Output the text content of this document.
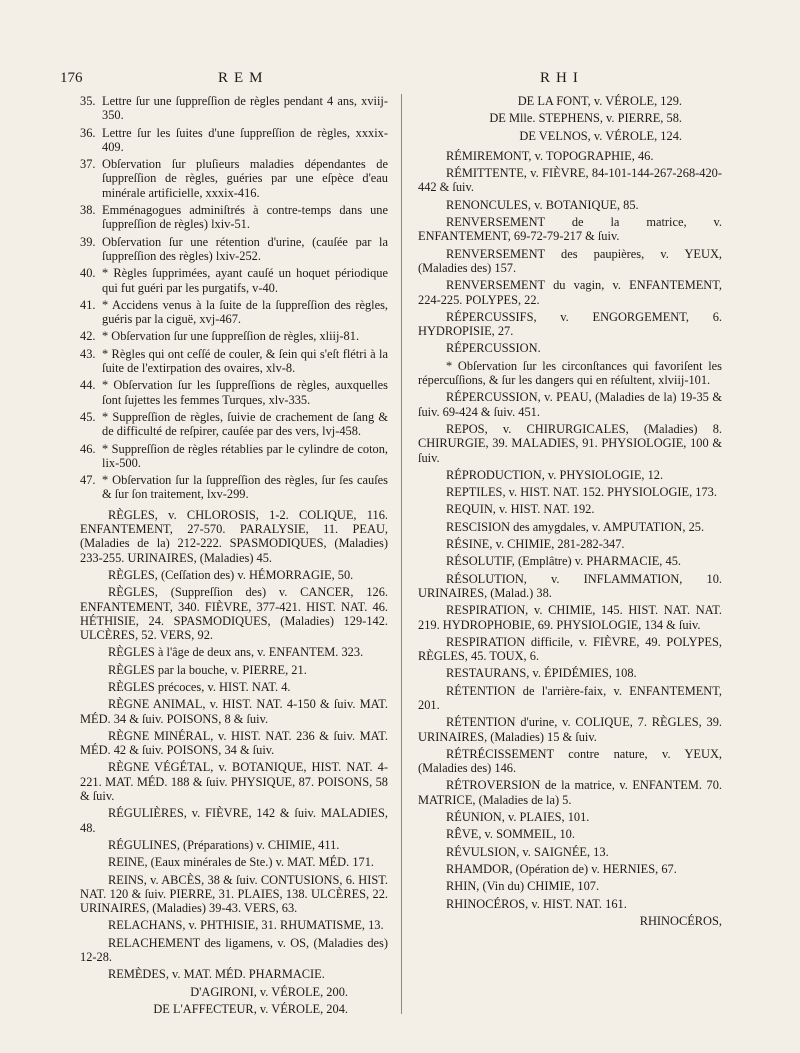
176	REM	RHI
35. Lettre ſur une ſuppreſſion de règles pendant 4 ans, xviij-350.
36. Lettre ſur les ſuites d'une ſuppreſſion de règles, xxxix-409.
37. Obſervation ſur pluſieurs maladies dépendantes de ſuppreſſion de règles, guéries par une eſpèce d'eau minérale artificielle, xxxix-416.
38. Emménagogues adminiſtrés à contre-temps dans une ſuppreſſion de règles) lxiv-51.
39. Obſervation ſur une rétention d'urine, (cauſée par la ſuppreſſion des règles) lxiv-252.
40. * Règles ſupprimées, ayant cauſé un hoquet périodique qui fut guéri par les purgatifs, v-40.
41. * Accidens venus à la ſuite de la ſuppreſſion des règles, guéris par la ciguë, xvj-467.
42. * Obſervation ſur une ſuppreſſion de règles, xliij-81.
43. * Règles qui ont ceſſé de couler, & ſein qui s'eſt flétri à la ſuite de l'extirpation des ovaires, xlv-8.
44. * Obſervation ſur les ſuppreſſions de règles, auxquelles ſont ſujettes les femmes Turques, xlv-335.
45. * Suppreſſion de règles, ſuivie de crachement de ſang & de difficulté de reſpirer, cauſée par des vers, lvj-458.
46. * Suppreſſion de règles rétablies par le cylindre de coton, lix-500.
47. * Obſervation ſur la ſuppreſſion des règles, ſur ſes cauſes & ſur ſon traitement, lxv-299.
RÈGLES, v. CHLOROSIS, 1-2. COLIQUE, 116. ENFANTEMENT, 27-570. PARALYSIE, 11. PEAU, (Maladies de la) 212-222. SPASMODIQUES, (Maladies) 233-255. URINAIRES, (Maladies) 45.
RÈGLES, (Ceſſation des) v. HÉMORRAGIE, 50.
RÈGLES, (Suppreſſion des) v. CANCER, 126. ENFANTEMENT, 340. FIÈVRE, 377-421. HIST. NAT. 46. HÉTHISIE, 24. SPASMODIQUES, (Maladies) 129-142. ULCÈRES, 52. VERS, 92.
RÈGLES à l'âge de deux ans, v. ENFANTEM. 323.
RÈGLES par la bouche, v. PIERRE, 21.
RÈGLES précoces, v. HIST. NAT. 4.
RÈGNE ANIMAL, v. HIST. NAT. 4-150 & ſuiv. MAT. MÉD. 34 & ſuiv. POISONS, 8 & ſuiv.
RÈGNE MINÉRAL, v. HIST. NAT. 236 & ſuiv. MAT. MÉD. 42 & ſuiv. POISONS, 34 & ſuiv.
RÈGNE VÉGÉTAL, v. BOTANIQUE, HIST. NAT. 4-221. MAT. MÉD. 188 & ſuiv. PHYSIQUE, 87. POISONS, 58 & ſuiv.
RÉGULIÈRES, v. FIÈVRE, 142 & ſuiv. MALADIES, 48.
RÉGULINES, (Préparations) v. CHIMIE, 411.
REINE, (Eaux minérales de Ste.) v. MAT. MÉD. 171.
REINS, v. ABCÈS, 38 & ſuiv. CONTUSIONS, 6. HIST. NAT. 120 & ſuiv. PIERRE, 31. PLAIES, 138. ULCÈRES, 22. URINAIRES, (Maladies) 39-43. VERS, 63.
RELACHANS, v. PHTHISIE, 31. RHUMATISME, 13.
RELACHEMENT des ligamens, v. OS, (Maladies des) 12-28.
REMÈDES, v. MAT. MÉD. PHARMACIE.
D'AGIRONI, v. VÉROLE, 200.
DE L'AFFECTEUR, v. VÉROLE, 204.
DE LA FONT, v. VÉROLE, 129.
DE Mlle. STEPHENS, v. PIERRE, 58.
DE VELNOS, v. VÉROLE, 124.
RÉMIREMONT, v. TOPOGRAPHIE, 46.
RÉMITTENTE, v. FIÈVRE, 84-101-144-267-268-420-442 & ſuiv.
RENONCULES, v. BOTANIQUE, 85.
RENVERSEMENT de la matrice, v. ENFANTEMENT, 69-72-79-217 & ſuiv.
RENVERSEMENT des paupières, v. YEUX, (Maladies des) 157.
RENVERSEMENT du vagin, v. ENFANTEMENT, 224-225. POLYPES, 22.
RÉPERCUSSIFS, v. ENGORGEMENT, 6. HYDROPISIE, 27.
RÉPERCUSSION.
* Obſervation ſur les circonſtances qui favoriſent les répercuſſions, & ſur les dangers qui en réſultent, xlviij-101.
RÉPERCUSSION, v. PEAU, (Maladies de la) 19-35 & ſuiv. 69-424 & ſuiv. 451.
REPOS, v. CHIRURGICALES, (Maladies) 8. CHIRURGIE, 39. MALADIES, 91. PHYSIOLOGIE, 100 & ſuiv.
RÉPRODUCTION, v. PHYSIOLOGIE, 12.
REPTILES, v. HIST. NAT. 152. PHYSIOLOGIE, 173.
REQUIN, v. HIST. NAT. 192.
RESCISION des amygdales, v. AMPUTATION, 25.
RÉSINE, v. CHIMIE, 281-282-347.
RÉSOLUTIF, (Emplâtre) v. PHARMACIE, 45.
RÉSOLUTION, v. INFLAMMATION, 10. URINAIRES, (Malad.) 38.
RESPIRATION, v. CHIMIE, 145. HIST. NAT. NAT. 219. HYDROPHOBIE, 69. PHYSIOLOGIE, 134 & ſuiv.
RESPIRATION difficile, v. FIÈVRE, 49. POLYPES, RÈGLES, 45. TOUX, 6.
RESTAURANS, v. ÉPIDÉMIES, 108.
RÉTENTION de l'arrière-faix, v. ENFANTEMENT, 201.
RÉTENTION d'urine, v. COLIQUE, 7. RÈGLES, 39. URINAIRES, (Maladies) 15 & ſuiv.
RÉTRÉCISSEMENT contre nature, v. YEUX, (Maladies des) 146.
RÉTROVERSION de la matrice, v. ENFANTEM. 70. MATRICE, (Maladies de la) 5.
RÉUNION, v. PLAIES, 101.
RÊVE, v. SOMMEIL, 10.
RÉVULSION, v. SAIGNÉE, 13.
RHAMDOR, (Opération de) v. HERNIES, 67.
RHIN, (Vin du) CHIMIE, 107.
RHINOCÉROS, v. HIST. NAT. 161.
RHINOCÉROS,
